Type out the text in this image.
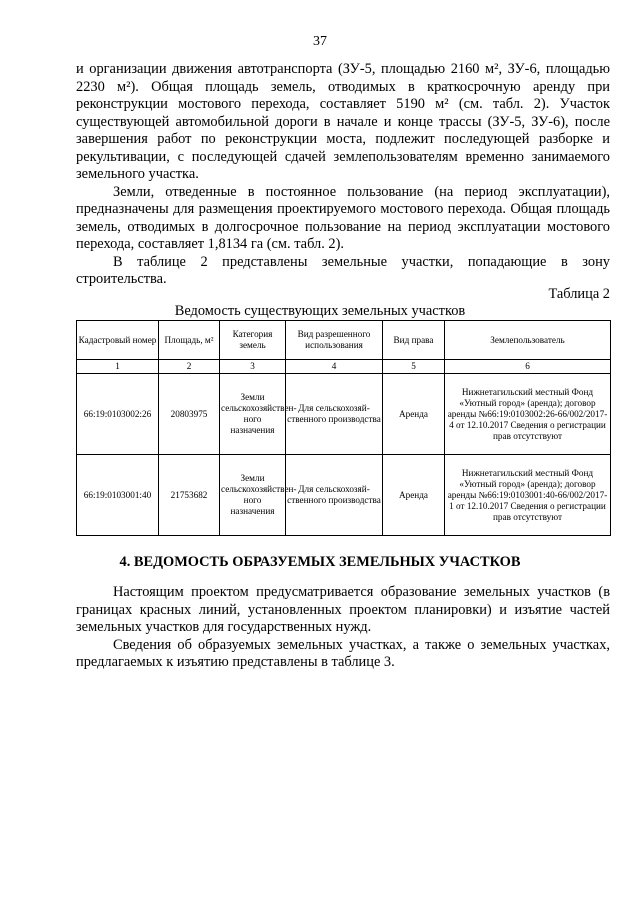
37

и организации движения автотранспорта (ЗУ-5, площадью 2160 м², ЗУ-6, площадью 2230 м²). Общая площадь земель, отводимых в краткосрочную аренду при реконструкции мостового перехода, составляет 5190 м² (см. табл. 2). Участок существующей автомобильной дороги в начале и конце трассы (ЗУ-5, ЗУ-6), после завершения работ по реконструкции моста, подлежит последующей разборке и рекультивации, с последующей сдачей землепользователям временно занимаемого земельного участка.

Земли, отведенные в постоянное пользование (на период эксплуатации), предназначены для размещения проектируемого мостового перехода. Общая площадь земель, отводимых в долгосрочное пользование на период эксплуатации мостового перехода, составляет 1,8134 га (см. табл. 2).

В таблице 2 представлены земельные участки, попадающие в зону строительства.

Таблица 2
Ведомость существующих земельных участков
Кадастровый номер	Площадь, м²	Категория земель	Вид разрешенного использования	Вид права	Землепользователь
1	2	3	4	5	6
66:19:0103002:26	20803975	Земли сельскохозяйствен-ного назначения	Для сельскохозяй-ственного производства	Аренда	Нижнетагильский местный Фонд «Уютный город» (аренда); договор аренды №66:19:0103002:26-66/002/2017-4 от 12.10.2017 Сведения о регистрации прав отсутствуют
66:19:0103001:40	21753682	Земли сельскохозяйствен-ного назначения	Для сельскохозяй-ственного производства	Аренда	Нижнетагильский местный Фонд «Уютный город» (аренда); договор аренды №66:19:0103001:40-66/002/2017-1 от 12.10.2017 Сведения о регистрации прав отсутствуют
4. ВЕДОМОСТЬ ОБРАЗУЕМЫХ ЗЕМЕЛЬНЫХ УЧАСТКОВ

Настоящим проектом предусматривается образование земельных участков (в границах красных линий, установленных проектом планировки) и изъятие частей земельных участков для государственных нужд.

Сведения об образуемых земельных участках, а также о земельных участках, предлагаемых к изъятию представлены в таблице 3.
